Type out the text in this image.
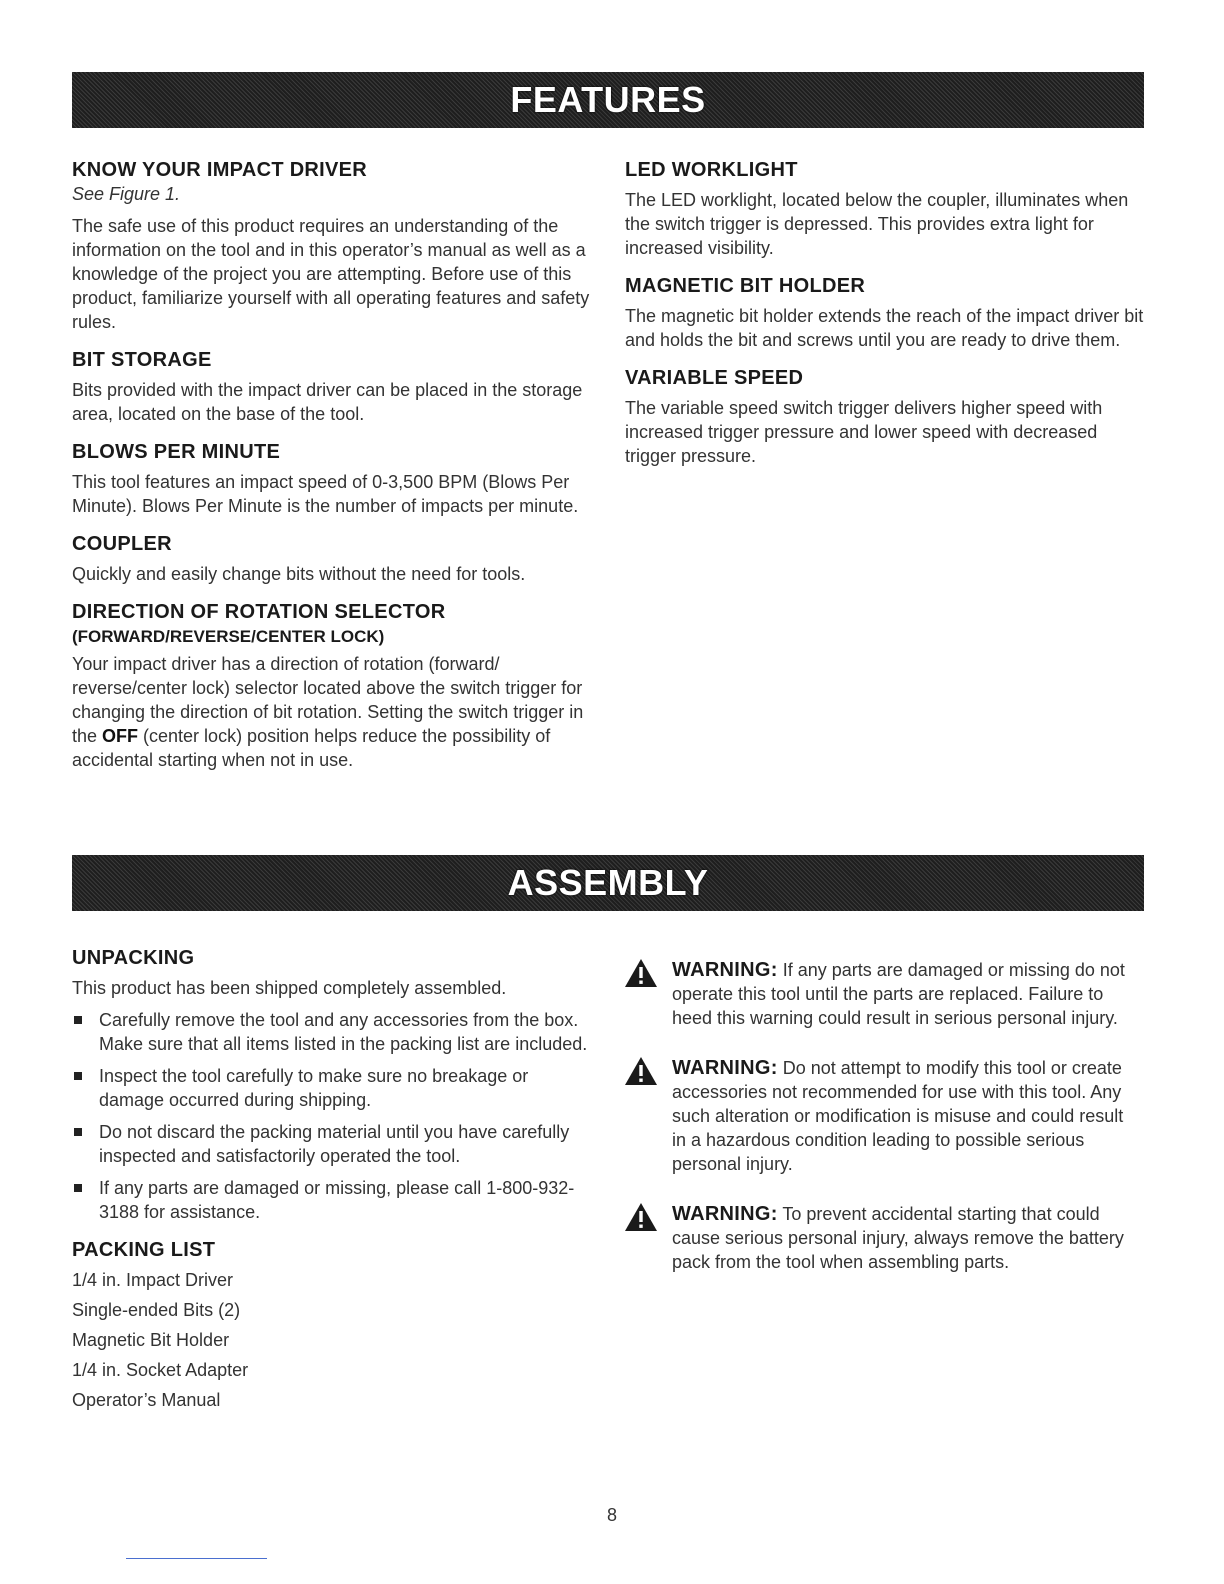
FEATURES
KNOW YOUR IMPACT DRIVER

See Figure 1.

The safe use of this product requires an understanding of the information on the tool and in this operator’s manual as well as a knowledge of the project you are attempting. Before use of this product, familiarize yourself with all operating features and safety rules.

BIT STORAGE

Bits provided with the impact driver can be placed in the storage area, located on the base of the tool.

BLOWS PER MINUTE

This tool features an impact speed of 0-3,500 BPM (Blows Per Minute). Blows Per Minute is the number of impacts per minute.

COUPLER

Quickly and easily change bits without the need for tools.

DIRECTION OF ROTATION SELECTOR
(FORWARD/REVERSE/CENTER LOCK)

Your impact driver has a direction of rotation (forward/ reverse/center lock) selector located above the switch trigger for changing the direction of bit rotation. Setting the switch trigger in the OFF (center lock) position helps reduce the possibility of accidental starting when not in use.

LED WORKLIGHT

The LED worklight, located below the coupler, illuminates when the switch trigger is depressed. This provides extra light for increased visibility.

MAGNETIC BIT HOLDER

The magnetic bit holder extends the reach of the impact driver bit and holds the bit and screws until you are ready to drive them.

VARIABLE SPEED

The variable speed switch trigger delivers higher speed with increased trigger pressure and lower speed with decreased trigger pressure.

ASSEMBLY
UNPACKING

This product has been shipped completely assembled.

Carefully remove the tool and any accessories from the box. Make sure that all items listed in the packing list are included.
Inspect the tool carefully to make sure no breakage or damage occurred during shipping.
Do not discard the packing material until you have carefully inspected and satisfactorily operated the tool.
If any parts are damaged or missing, please call 1-800-932-3188 for assistance.
PACKING LIST

1/4 in. Impact Driver

Single-ended Bits (2)

Magnetic Bit Holder

1/4 in. Socket Adapter

Operator’s Manual

WARNING: If any parts are damaged or missing do not operate this tool until the parts are replaced. Failure to heed this warning could result in serious personal injury.

WARNING: Do not attempt to modify this tool or create accessories not recommended for use with this tool. Any such alteration or modification is misuse and could result in a hazardous condition leading to possible serious personal injury.

WARNING: To prevent accidental starting that could cause serious personal injury, always remove the battery pack from the tool when assembling parts.

8
